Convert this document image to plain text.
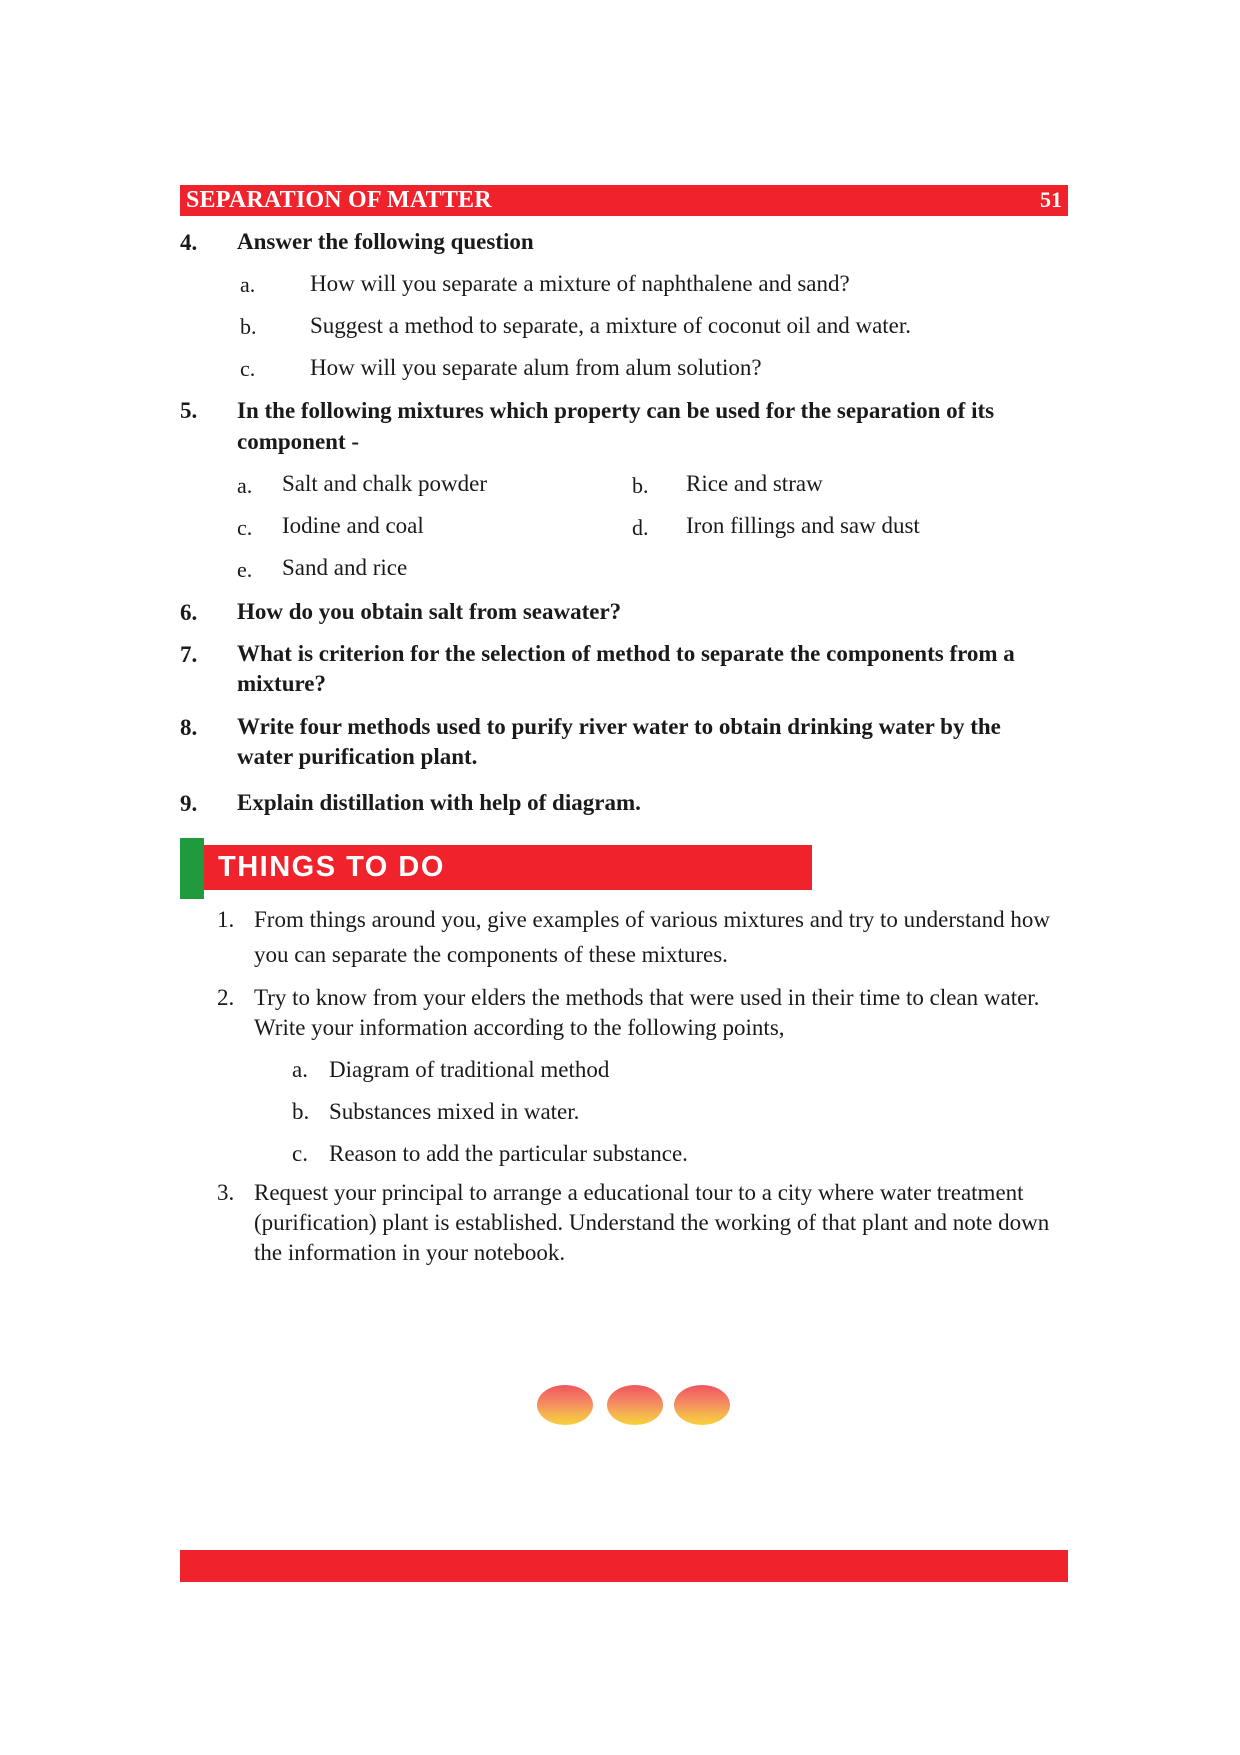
SEPARATION OF MATTER	51
4. Answer the following question
a. How will you separate a mixture of naphthalene and sand?
b. Suggest a method to separate, a mixture of coconut oil and water.
c. How will you separate alum from alum solution?
5. In the following mixtures which property can be used for the separation of its
component -
a. Salt and chalk powder	b. Rice and straw
c. Iodine and coal	d. Iron fillings and saw dust
e. Sand and rice
6. How do you obtain salt from seawater?
7. What is criterion for the selection of method to separate the components from a
mixture?
8. Write four methods used to purify river water to obtain drinking water by the
water purification plant.
9. Explain distillation with help of diagram.
THINGS TO DO
1. From things around you, give examples of various mixtures and try to understand how
you can separate the components of these mixtures.
2. Try to know from your elders the methods that were used in their time to clean water.
Write your information according to the following points,
a. Diagram of traditional method
b. Substances mixed in water.
c. Reason to add the particular substance.
3. Request your principal to arrange a educational tour to a city where water treatment
(purification) plant is established. Understand the working of that plant and note down
the information in your notebook.
